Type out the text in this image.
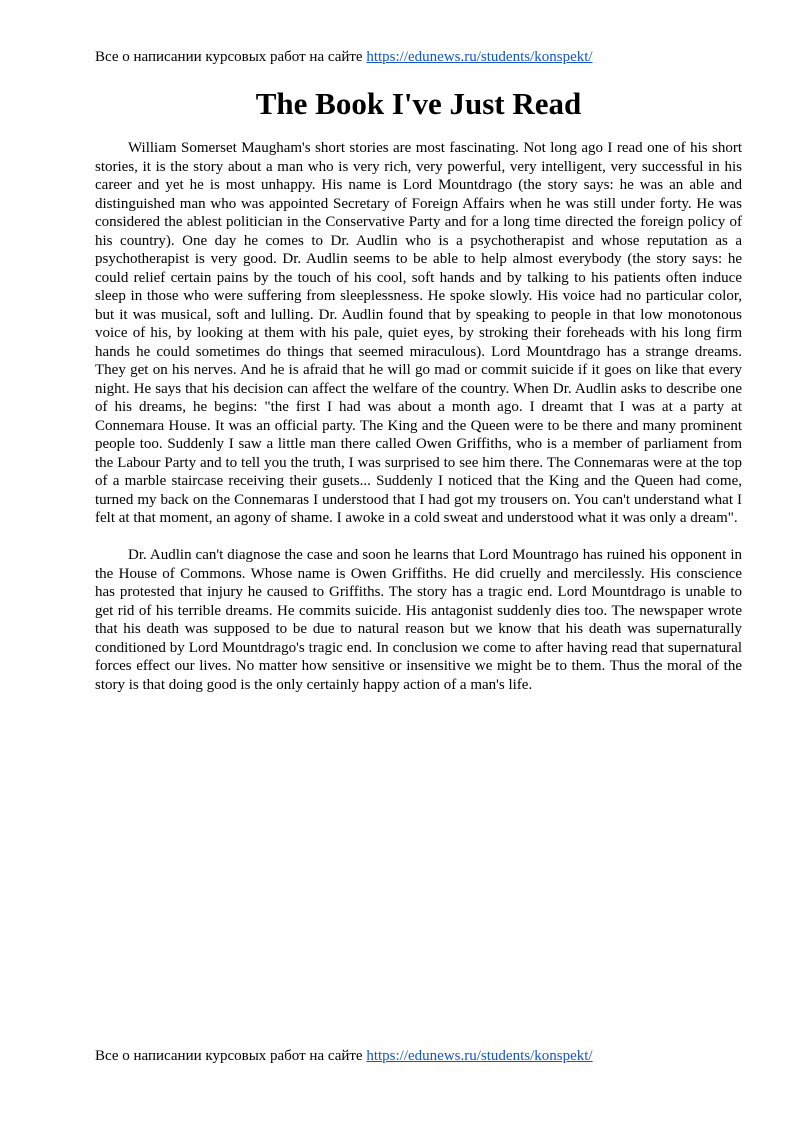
Все о написании курсовых работ на сайте https://edunews.ru/students/konspekt/
The Book I've Just Read

William Somerset Maugham's short stories are most fascinating. Not long ago I read one of his short stories, it is the story about a man who is very rich, very powerful, very intelligent, very successful in his career and yet he is most unhappy. His name is Lord Mountdrago (the story says: he was an able and distinguished man who was appointed Secretary of Foreign Affairs when he was still under forty. He was considered the ablest politician in the Conservative Party and for a long time directed the foreign policy of his country). One day he comes to Dr. Audlin who is a psychotherapist and whose reputation as a psychotherapist is very good. Dr. Audlin seems to be able to help almost everybody (the story says: he could relief certain pains by the touch of his cool, soft hands and by talking to his patients often induce sleep in those who were suffering from sleeplessness. He spoke slowly. His voice had no particular color, but it was musical, soft and lulling. Dr. Audlin found that by speaking to people in that low monotonous voice of his, by looking at them with his pale, quiet eyes, by stroking their foreheads with his long firm hands he could sometimes do things that seemed miraculous). Lord Mountdrago has a strange dreams. They get on his nerves. And he is afraid that he will go mad or commit suicide if it goes on like that every night. He says that his decision can affect the welfare of the country. When Dr. Audlin asks to describe one of his dreams, he begins: "the first I had was about a month ago. I dreamt that I was at a party at Connemara House. It was an official party. The King and the Queen were to be there and many prominent people too. Suddenly I saw a little man there called Owen Griffiths, who is a member of parliament from the Labour Party and to tell you the truth, I was surprised to see him there. The Connemaras were at the top of a marble staircase receiving their gusets... Suddenly I noticed that the King and the Queen had come, turned my back on the Connemaras I understood that I had got my trousers on. You can't understand what I felt at that moment, an agony of shame. I awoke in a cold sweat and understood what it was only a dream".

Dr. Audlin can't diagnose the case and soon he learns that Lord Mountrago has ruined his opponent in the House of Commons. Whose name is Owen Griffiths. He did cruelly and mercilessly. His conscience has protested that injury he caused to Griffiths. The story has a tragic end. Lord Mountdrago is unable to get rid of his terrible dreams. He commits suicide. His antagonist suddenly dies too. The newspaper wrote that his death was supposed to be due to natural reason but we know that his death was supernaturally conditioned by Lord Mountdrago's tragic end. In conclusion we come to after having read that supernatural forces effect our lives. No matter how sensitive or insensitive we might be to them. Thus the moral of the story is that doing good is the only certainly happy action of a man's life.

Все о написании курсовых работ на сайте https://edunews.ru/students/konspekt/
